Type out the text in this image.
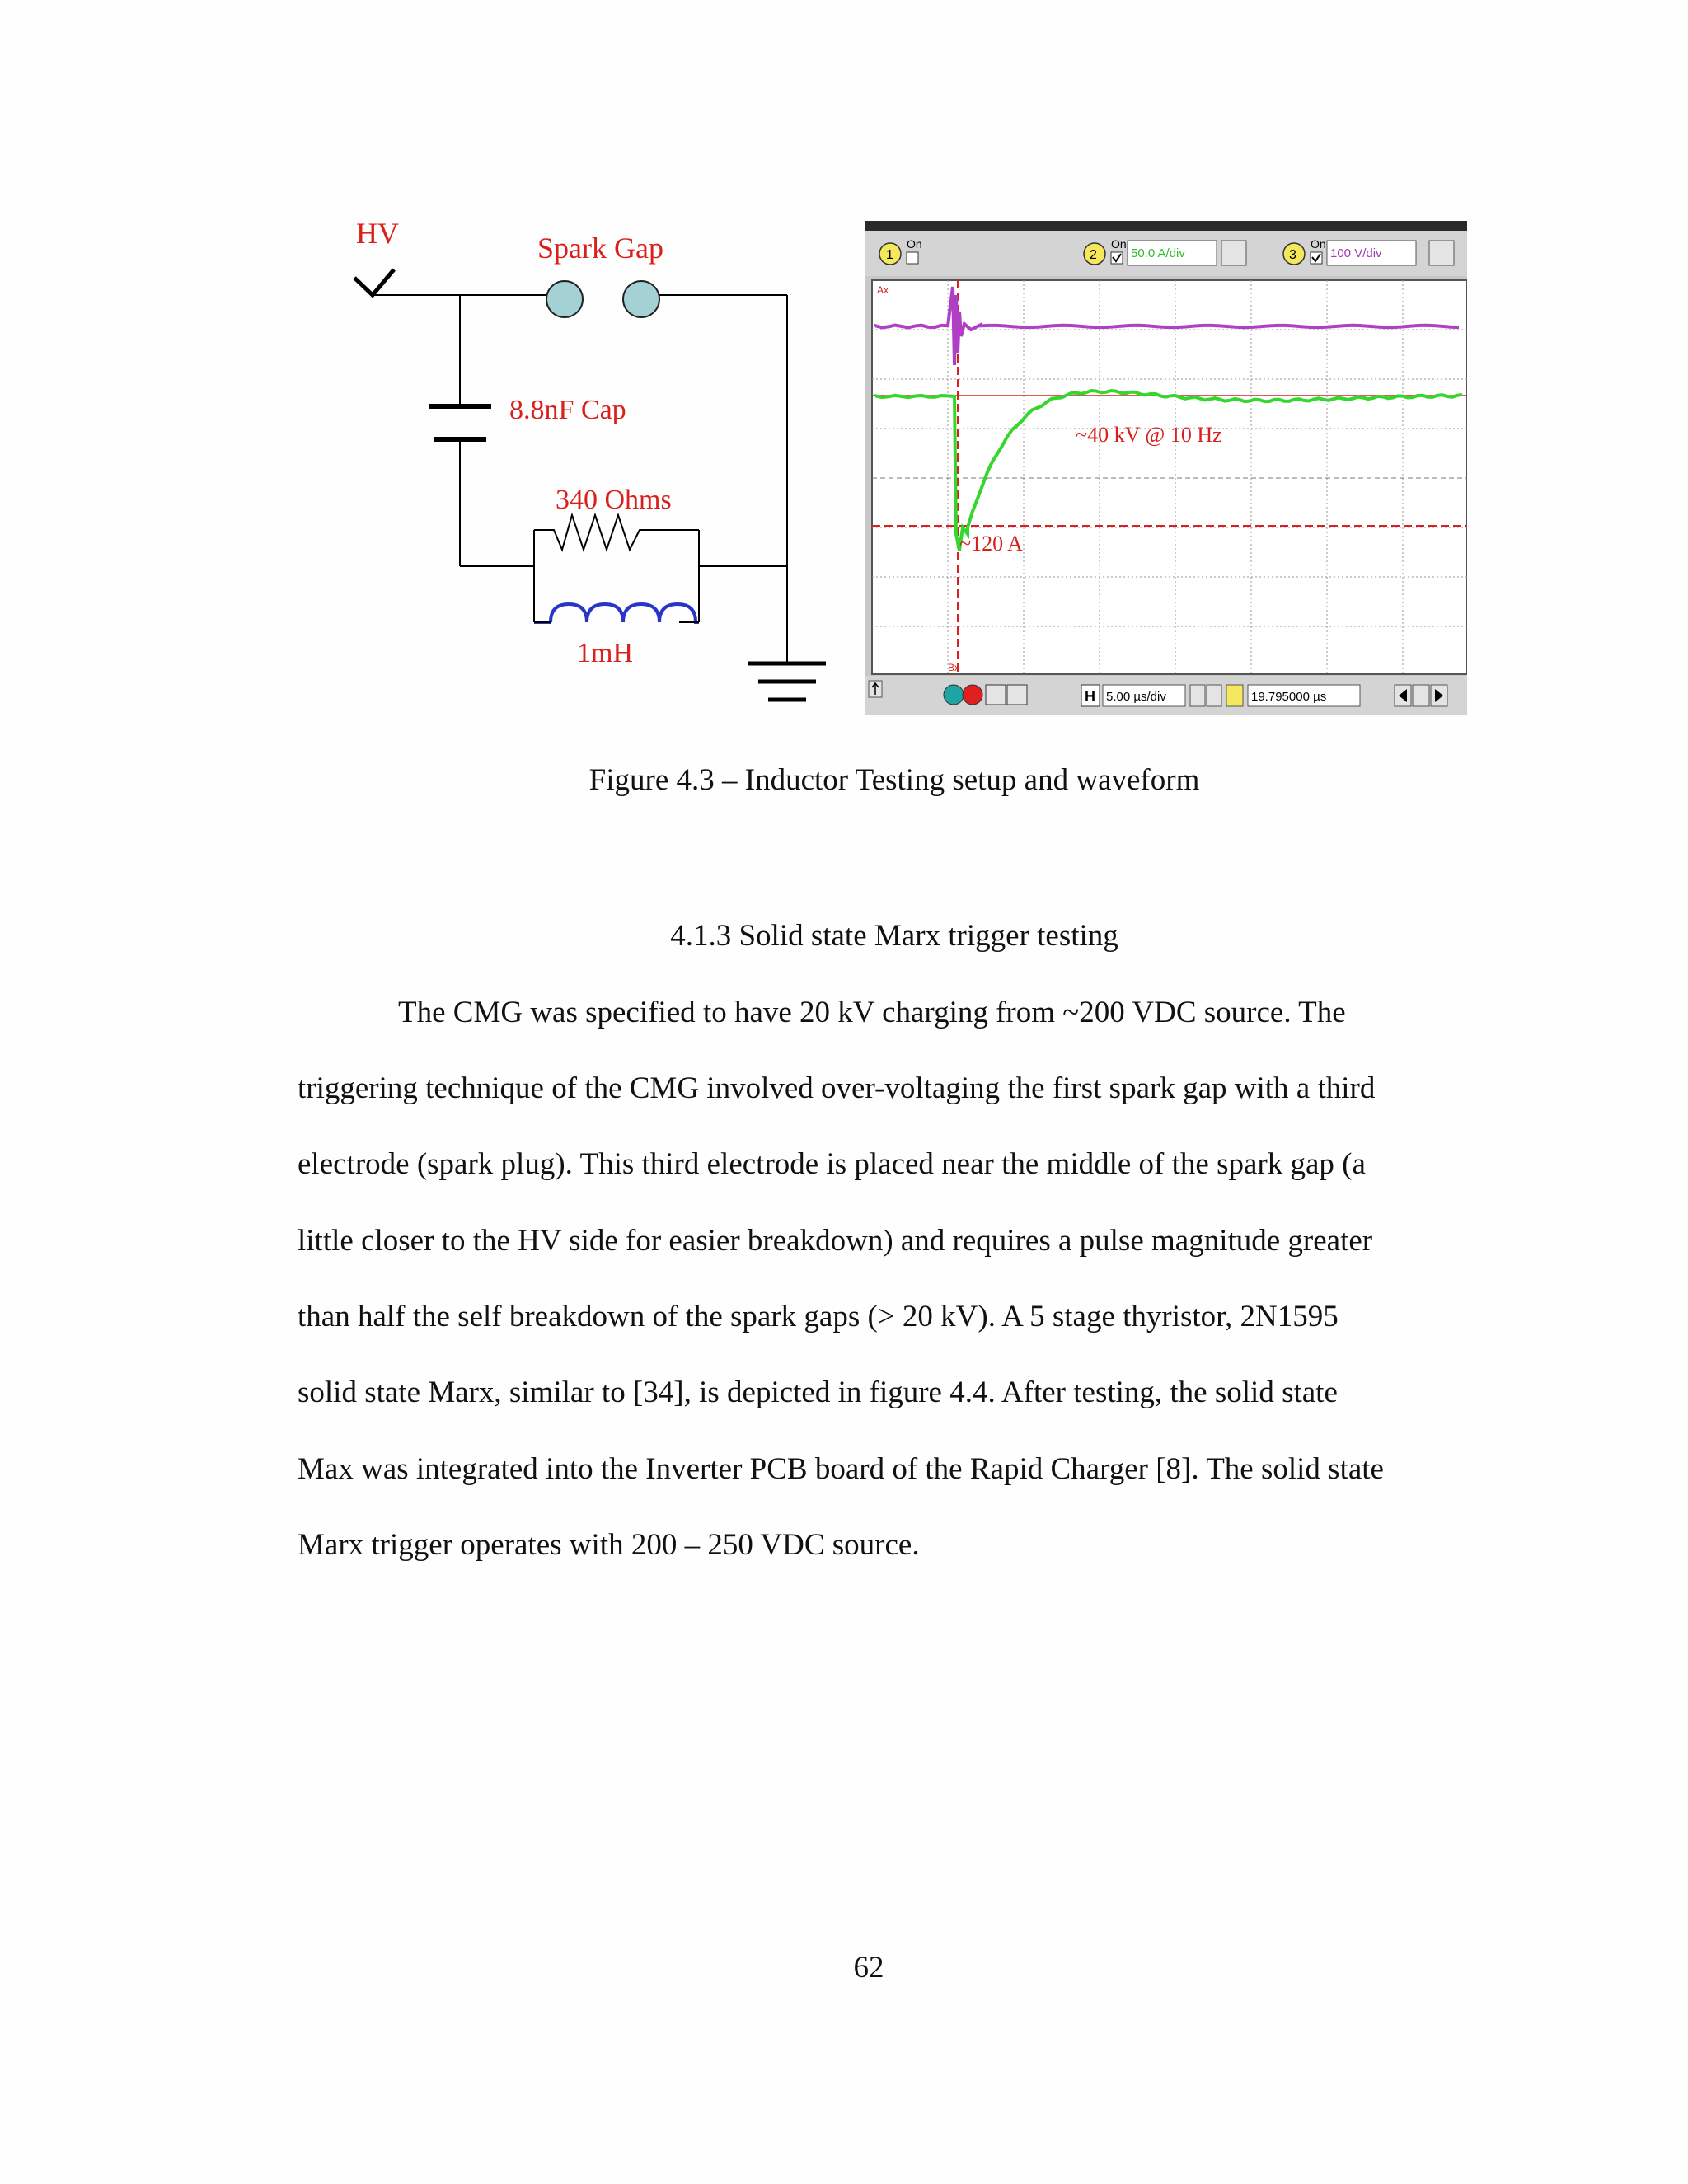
HV	Spark Gap
8.8nF Cap
340 Ohms
1mH
1
On
2
On
50.0 A/div	3
On
100 V/div
Ax
Bx
~40 kV @ 10 Hz
~120 A
H 5.00 µs/div	19.795000 µs
Figure 4.3 – Inductor Testing setup and waveform
4.1.3 Solid state Marx trigger testing
The CMG was specified to have 20 kV charging from ~200 VDC source. The
triggering technique of the CMG involved over-voltaging the first spark gap with a third
electrode (spark plug). This third electrode is placed near the middle of the spark gap (a
little closer to the HV side for easier breakdown) and requires a pulse magnitude greater
than half the self breakdown of the spark gaps (> 20 kV). A 5 stage thyristor, 2N1595
solid state Marx, similar to [34], is depicted in figure 4.4. After testing, the solid state
Max was integrated into the Inverter PCB board of the Rapid Charger [8]. The solid state
Marx trigger operates with 200 – 250 VDC source.
62
